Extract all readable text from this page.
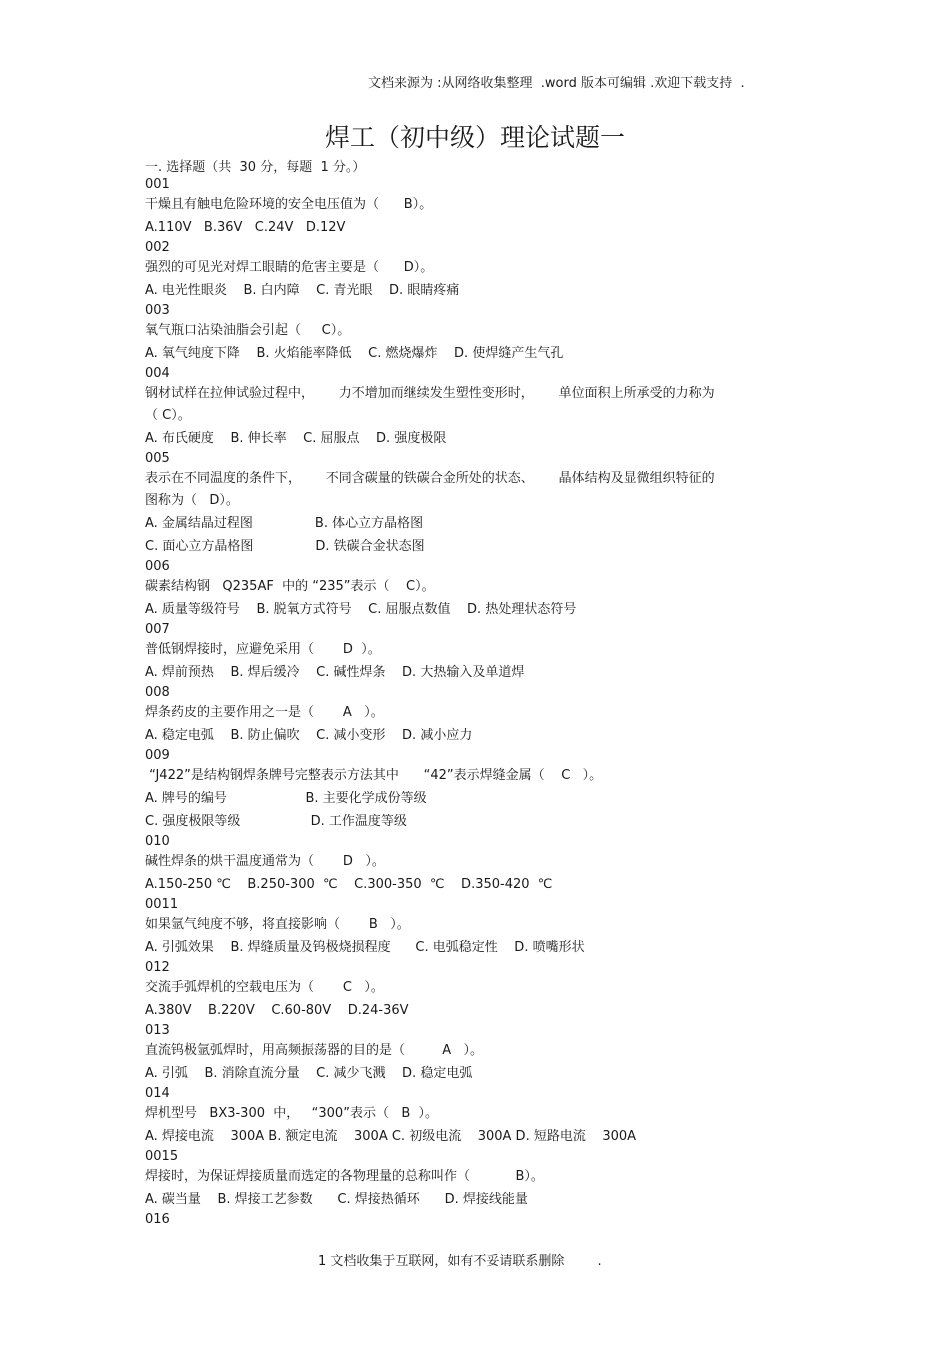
文档来源为 :从网络收集整理  .word 版本可编辑 .欢迎下载支持  .
焊工（初中级）理论试题一
一. 选择题（共  30 分，每题  1 分。）
001
干燥且有触电危险环境的安全电压值为（      B）。
A.110V   B.36V   C.24V   D.12V
002
强烈的可见光对焊工眼睛的危害主要是（      D）。
A. 电光性眼炎    B. 白内障    C. 青光眼    D. 眼睛疼痛
003
氧气瓶口沾染油脂会引起（     C）。
A. 氧气纯度下降    B. 火焰能率降低    C. 燃烧爆炸    D. 使焊缝产生气孔
004
钢材试样在拉伸试验过程中，      力不增加而继续发生塑性变形时，      单位面积上所承受的力称为
（ C）。
A. 布氏硬度    B. 伸长率    C. 屈服点    D. 强度极限
005
表示在不同温度的条件下，      不同含碳量的铁碳合金所处的状态、      晶体结构及显微组织特征的
图称为（   D）。
A. 金属结晶过程图               B. 体心立方晶格图
C. 面心立方晶格图               D. 铁碳合金状态图
006
碳素结构钢   Q235AF  中的 “235”表示（    C）。
A. 质量等级符号    B. 脱氧方式符号    C. 屈服点数值    D. 热处理状态符号
007
普低钢焊接时，应避免采用（       D  ）。
A. 焊前预热    B. 焊后缓冷    C. 碱性焊条    D. 大热输入及单道焊
008
焊条药皮的主要作用之一是（       A   ）。
A. 稳定电弧    B. 防止偏吹    C. 减小变形    D. 减小应力
009
“J422”是结构钢焊条牌号完整表示方法其中      “42”表示焊缝金属（    C   ）。
A. 牌号的编号                   B. 主要化学成份等级
C. 强度极限等级                 D. 工作温度等级
010
碱性焊条的烘干温度通常为（       D   ）。
A.150-250 ℃    B.250-300  ℃    C.300-350  ℃    D.350-420  ℃
0011
如果氩气纯度不够，将直接影响（       B   ）。
A. 引弧效果    B. 焊缝质量及钨极烧损程度      C. 电弧稳定性    D. 喷嘴形状
012
交流手弧焊机的空载电压为（       C   ）。
A.380V    B.220V    C.60-80V    D.24-36V
013
直流钨极氩弧焊时，用高频振荡器的目的是（         A   ）。
A. 引弧    B. 消除直流分量    C. 减少飞溅    D. 稳定电弧
014
焊机型号   BX3-300  中，   “300”表示（   B  ）。
A. 焊接电流    300A B. 额定电流    300A C. 初级电流    300A D. 短路电流    300A
0015
焊接时，为保证焊接质量而选定的各物理量的总称叫作（           B）。
A. 碳当量    B. 焊接工艺参数      C. 焊接热循环      D. 焊接线能量
016
1 文档收集于互联网，如有不妥请联系删除        .
